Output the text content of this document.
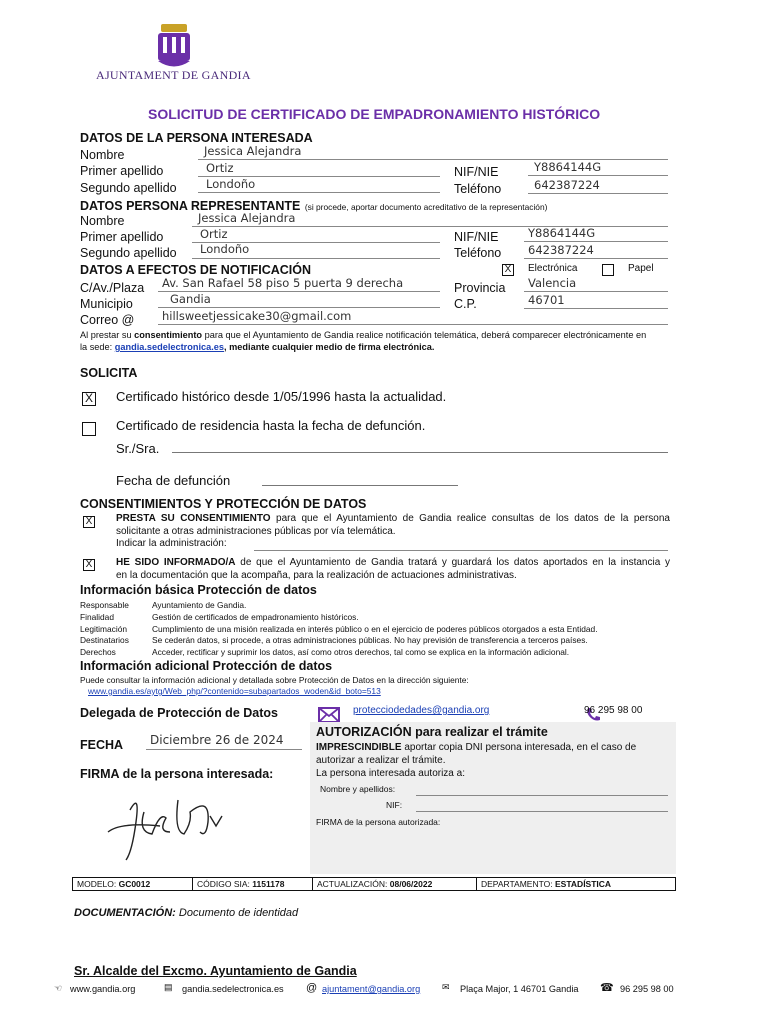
AJUNTAMENT DE GANDIA
SOLICITUD DE CERTIFICADO DE EMPADRONAMIENTO HISTÓRICO
DATOS DE LA PERSONA INTERESADA
Nombre	Jessica Alejandra
Primer apellido	Ortiz
Segundo apellido	Londoño
NIF/NIE	Y8864144G
Teléfono	642387224
DATOS PERSONA REPRESENTANTE (si procede, aportar documento acreditativo de la representación)
Nombre	Jessica Alejandra
Primer apellido	Ortiz
Segundo apellido Londoño
NIF/NIE	Y8864144G
Teléfono 642387224
DATOS A EFECTOS DE NOTIFICACIÓN	X Electrónica	Papel
C/Av./Plaza Av. San Rafael 58 piso 5 puerta 9 derecha	Provincia Valencia
Municipio	Gandia	C.P.	46701
Correo @ hillsweetjessicake30@gmail.com
Al prestar su consentimiento para que el Ayuntamiento de Gandia realice notificación telemática, deberá comparecer electrónicamente en
la sede: gandia.sedelectronica.es, mediante cualquier medio de firma electrónica.
SOLICITA
X Certificado histórico desde 1/05/1996 hasta la actualidad.
Certificado de residencia hasta la fecha de defunción.
Sr./Sra.
Fecha de defunción
CONSENTIMIENTOS Y PROTECCIÓN DE DATOS
X PRESTA SU CONSENTIMIENTO para que el Ayuntamiento de Gandia realice consultas de los datos de la persona
solicitante a otras administraciones públicas por vía telemática.
Indicar la administración:
X HE SIDO INFORMADO/A de que el Ayuntamiento de Gandia tratará y guardará los datos aportados en la instancia y
en la documentación que la acompaña, para la realización de actuaciones administrativas.
Información básica Protección de datos
Responsable	Ayuntamiento de Gandia.
Finalidad	Gestión de certificados de empadronamiento históricos.
Legitimación	Cumplimiento de una misión realizada en interés público o en el ejercicio de poderes públicos otorgados a esta Entidad.
Destinatarios	Se cederán datos, si procede, a otras administraciones públicas. No hay previsión de transferencia a terceros países.
Derechos	Acceder, rectificar y suprimir los datos, así como otros derechos, tal como se explica en la información adicional.
Información adicional Protección de datos
Puede consultar la información adicional y detallada sobre Protección de Datos en la dirección siguiente:
www.gandia.es/aytg/Web_php/?contenido=subapartados_woden&id_boto=513
Delegada de Protección de Datos	protecciodedades@gandia.org	96 295 98 00
AUTORIZACIÓN para realizar el trámite
IMPRESCINDIBLE aportar copia DNI persona interesada, en el caso de
autorizar a realizar el trámite.
La persona interesada autoriza a:
Nombre y apellidos:
NIF:
FIRMA de la persona autorizada:
FECHA Diciembre 26 de 2024
FIRMA de la persona interesada:
MODELO: GC0012	CÓDIGO SIA: 1151178	ACTUALIZACIÓN: 08/06/2022	DEPARTAMENTO: ESTADÍSTICA
DOCUMENTACIÓN: Documento de identidad
Sr. Alcalde del Excmo. Ayuntamiento de Gandia
☜ www.gandia.org	▤ gandia.sedelectronica.es @ ajuntament@gandia.org ✉ Plaça Major, 1 46701 Gandia ☎ 96 295 98 00
